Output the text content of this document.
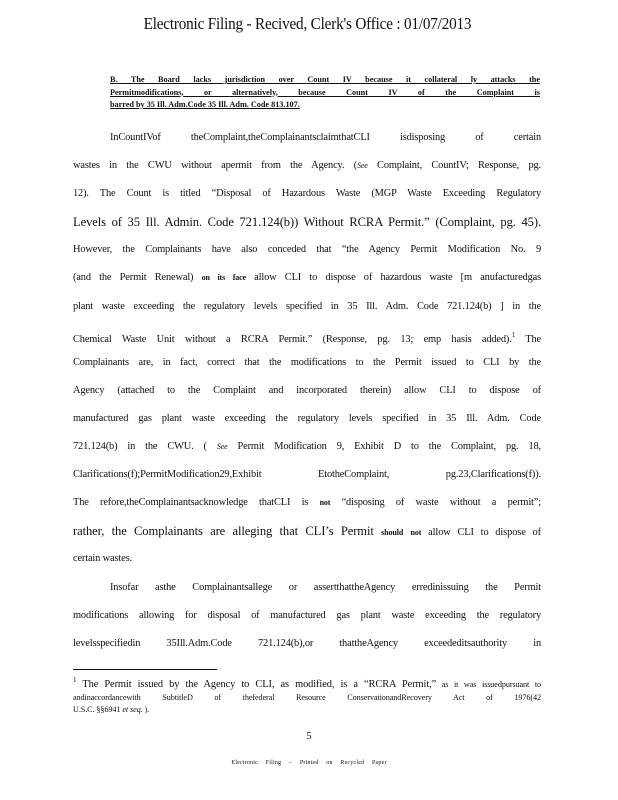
Electronic Filing - Recived, Clerk's Office : 01/07/2013
B. The Board lacks jurisdiction over Count IV because it collateral ly attacks the
Permitmodifications, or alternatively, because Count IV of the Complaint is
barred by 35 Ill. Adm.Code 35 Ill. Adm. Code 813.107.
InCountIVof theComplaint,theComplainantsclaimthatCLI isdisposing of certain
wastes in the CWU without apermit from the Agency. (See Complaint, CountIV; Response, pg.
12). The Count is titled “Disposal of Hazardous Waste (MGP Waste Exceeding Regulatory
Levels of 35 Ill. Admin. Code 721.124(b)) Without RCRA Permit.” (Complaint, pg. 45).
However, the Complainants have also conceded that “the Agency Permit Modification No. 9
(and the Permit Renewal) on its face allow CLI to dispose of hazardous waste [m anufacturedgas
plant waste exceeding the regulatory levels specified in 35 Ill. Adm. Code 721.124(b) ] in the
Chemical Waste Unit without a RCRA Permit.” (Response, pg. 13; emp hasis added).$^1$ The
Complainants are, in fact, correct that the modifications to the Permit issued to CLI by the
Agency (attached to the Complaint and incorporated therein) allow CLI to dispose of
manufactured gas plant waste exceeding the regulatory levels specified in 35 Ill. Adm. Code
721.124(b) in the CWU. ( See Permit Modification 9, Exhibit D to the Complaint, pg. 18,
Clarifications(f);PermitModification29,Exhibit EtotheComplaint, pg.23,Clarifications(f)).
The refore,theComplainantsacknowledge thatCLI is not “disposing of waste without a permit”;
rather, the Complainants are alleging that CLI’s Permit should not allow CLI to dispose of
certain wastes.
Insofar asthe Complainantsallege or assertthattheAgency erredinissuing the Permit
modifications allowing for disposal of manufactured gas plant waste exceeding the regulatory
levelsspecifiedin 35Ill.Adm.Code 721.124(b),or thattheAgency exceededitsauthority in
$^1$ The Permit issued by the Agency to CLI, as modified, is a “RCRA Permit,” as it was issuedpursuant to
andinaccordancewith SubtitleD of thefederal Resource ConservationandRecovery Act of 1976(42
U.S.C. §§6941 et seq. ).
5
Electronic Filing – Printed on Recycled Paper
